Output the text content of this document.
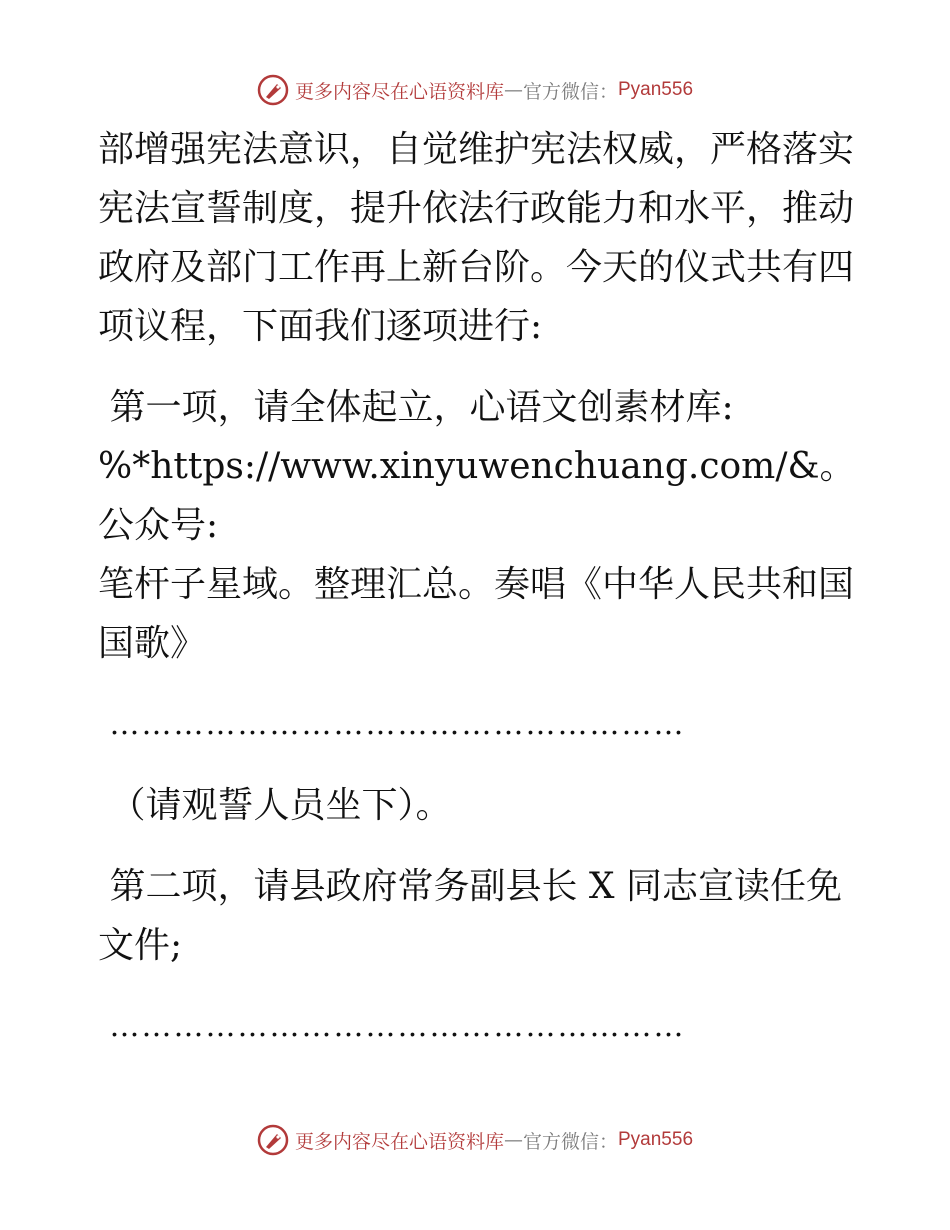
更多内容尽在心语资料库 — 官方微信： Pyan556

部增强宪法意识，自觉维护宪法权威，严格落实宪法宣誓制度，提升依法行政能力和水平，推动政府及部门工作再上新台阶。今天的仪式共有四项议程，下面我们逐项进行:

第一项，请全体起立，心语文创素材库:

%*https://www.xinyuwenchuang.com/&。公众号:

笔杆子星域。整理汇总。奏唱《中华人民共和国国歌》

………………………………………………

（请观誓人员坐下）。

第二项，请县政府常务副县长 X 同志宣读任免文件;

………………………………………………

更多内容尽在心语资料库 — 官方微信： Pyan556
